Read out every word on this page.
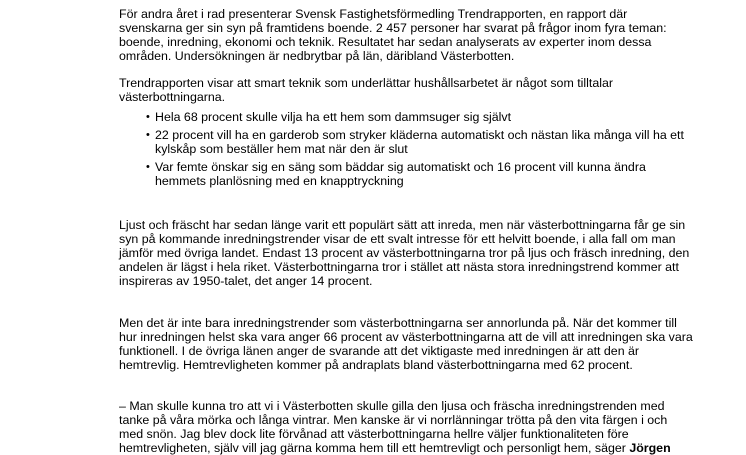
För andra året i rad presenterar Svensk Fastighetsförmedling Trendrapporten, en rapport där svenskarna ger sin syn på framtidens boende. 2 457 personer har svarat på frågor inom fyra teman: boende, inredning, ekonomi och teknik. Resultatet har sedan analyserats av experter inom dessa områden. Undersökningen är nedbrytbar på län, däribland Västerbotten.

Trendrapporten visar att smart teknik som underlättar hushållsarbetet är något som tilltalar västerbottningarna.

• Hela 68 procent skulle vilja ha ett hem som dammsuger sig självt
• 22 procent vill ha en garderob som stryker kläderna automatiskt och nästan lika många vill ha ett kylskåp som beställer hem mat när den är slut
• Var femte önskar sig en säng som bäddar sig automatiskt och 16 procent vill kunna ändra hemmets planlösning med en knapptryckning

Ljust och fräscht har sedan länge varit ett populärt sätt att inreda, men när västerbottningarna får ge sin syn på kommande inredningstrender visar de ett svalt intresse för ett helvitt boende, i alla fall om man jämför med övriga landet. Endast 13 procent av västerbottningarna tror på ljus och fräsch inredning, den andelen är lägst i hela riket. Västerbottningarna tror i stället att nästa stora inredningstrend kommer att inspireras av 1950-talet, det anger 14 procent.

Men det är inte bara inredningstrender som västerbottningarna ser annorlunda på. När det kommer till hur inredningen helst ska vara anger 66 procent av västerbottningarna att de vill att inredningen ska vara funktionell. I de övriga länen anger de svarande att det viktigaste med inredningen är att den är hemtrevlig. Hemtrevligheten kommer på andraplats bland västerbottningarna med 62 procent.

– Man skulle kunna tro att vi i Västerbotten skulle gilla den ljusa och fräscha inredningstrenden med tanke på våra mörka och långa vintrar. Men kanske är vi norrlänningar trötta på den vita färgen i och med snön. Jag blev dock lite förvånad att västerbottningarna hellre väljer funktionaliteten före hemtrevligheten, själv vill jag gärna komma hem till ett hemtrevligt och personligt hem, säger Jörgen
